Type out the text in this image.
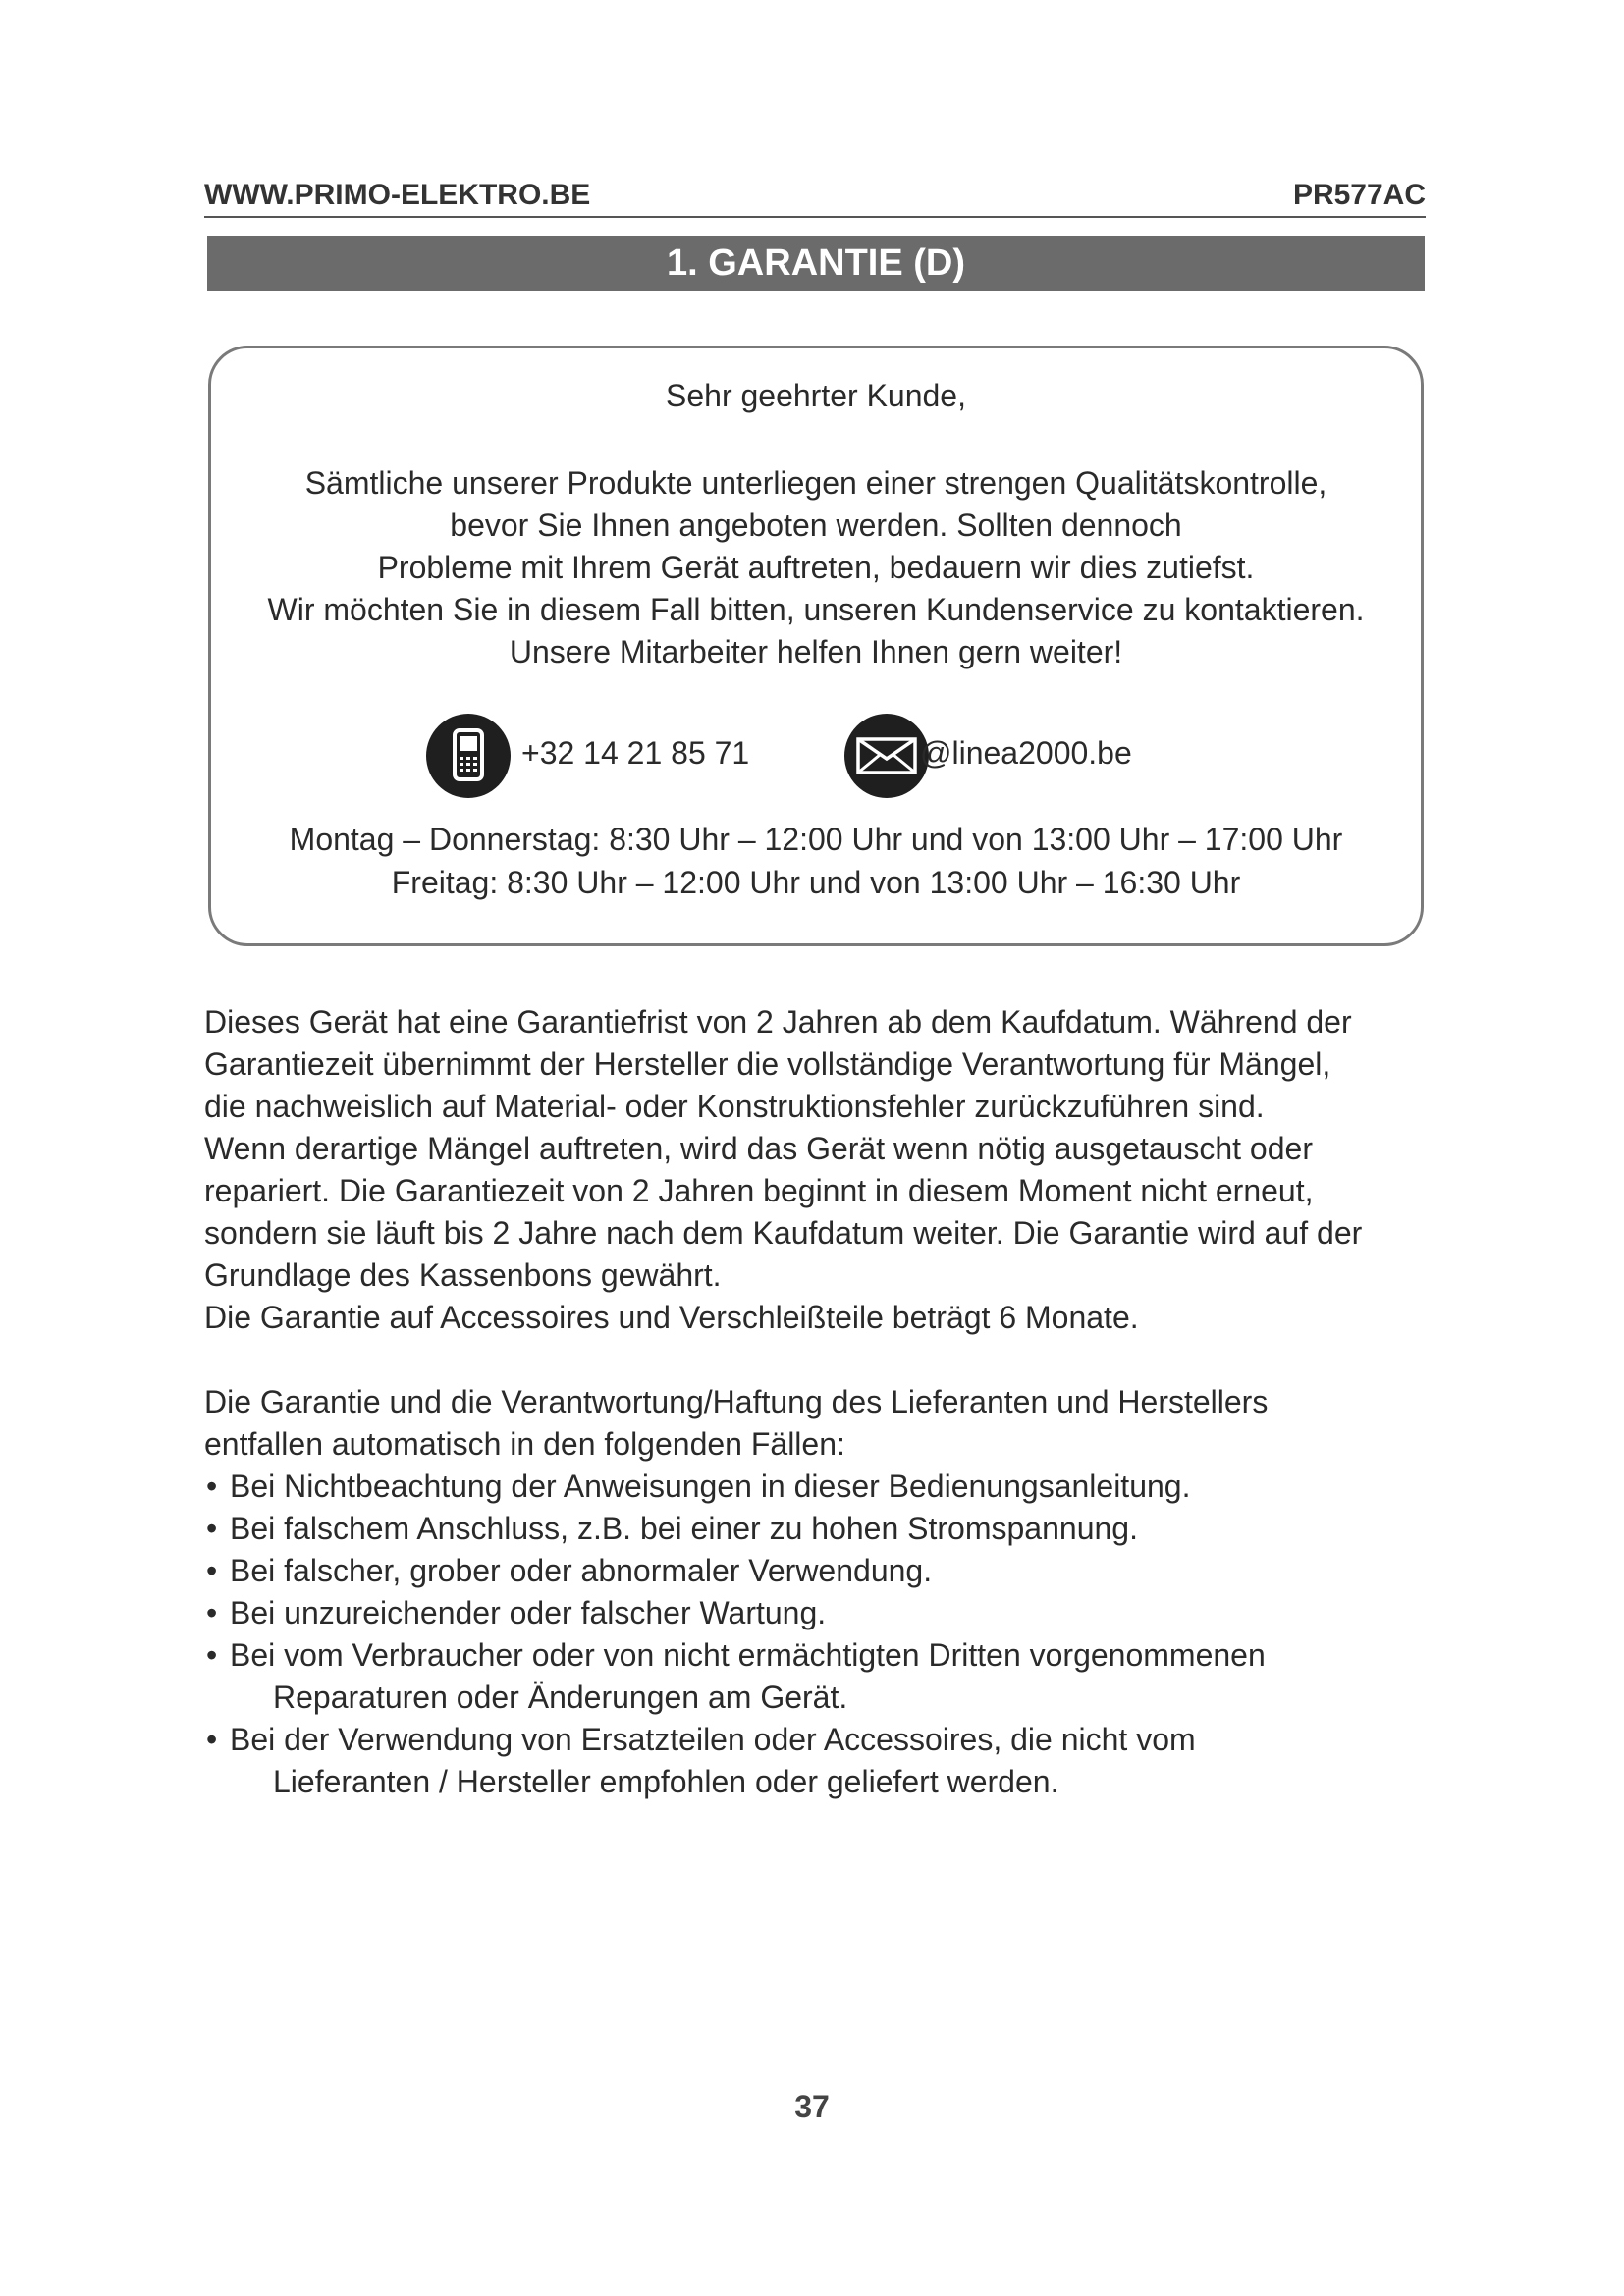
WWW.PRIMO-ELEKTRO.BE	PR577AC
1. GARANTIE (D)
Sehr geehrter Kunde,
Sämtliche unserer Produkte unterliegen einer strengen Qualitätskontrolle,
bevor Sie Ihnen angeboten werden. Sollten dennoch
Probleme mit Ihrem Gerät auftreten, bedauern wir dies zutiefst.
Wir möchten Sie in diesem Fall bitten, unseren Kundenservice zu kontaktieren.
Unsere Mitarbeiter helfen Ihnen gern weiter!
+32 14 21 85 71	@linea2000.be
Montag – Donnerstag: 8:30 Uhr – 12:00 Uhr und von 13:00 Uhr – 17:00 Uhr
Freitag: 8:30 Uhr – 12:00 Uhr und von 13:00 Uhr – 16:30 Uhr
Dieses Gerät hat eine Garantiefrist von 2 Jahren ab dem Kaufdatum. Während der
Garantiezeit übernimmt der Hersteller die vollständige Verantwortung für Mängel,
die nachweislich auf Material- oder Konstruktionsfehler zurückzuführen sind.
Wenn derartige Mängel auftreten, wird das Gerät wenn nötig ausgetauscht oder
repariert. Die Garantiezeit von 2 Jahren beginnt in diesem Moment nicht erneut,
sondern sie läuft bis 2 Jahre nach dem Kaufdatum weiter. Die Garantie wird auf der
Grundlage des Kassenbons gewährt.
Die Garantie auf Accessoires und Verschleißteile beträgt 6 Monate.
Die Garantie und die Verantwortung/Haftung des Lieferanten und Herstellers
entfallen automatisch in den folgenden Fällen:
• Bei Nichtbeachtung der Anweisungen in dieser Bedienungsanleitung.
• Bei falschem Anschluss, z.B. bei einer zu hohen Stromspannung.
• Bei falscher, grober oder abnormaler Verwendung.
• Bei unzureichender oder falscher Wartung.
• Bei vom Verbraucher oder von nicht ermächtigten Dritten vorgenommenen
Reparaturen oder Änderungen am Gerät.
• Bei der Verwendung von Ersatzteilen oder Accessoires, die nicht vom
Lieferanten / Hersteller empfohlen oder geliefert werden.
37
